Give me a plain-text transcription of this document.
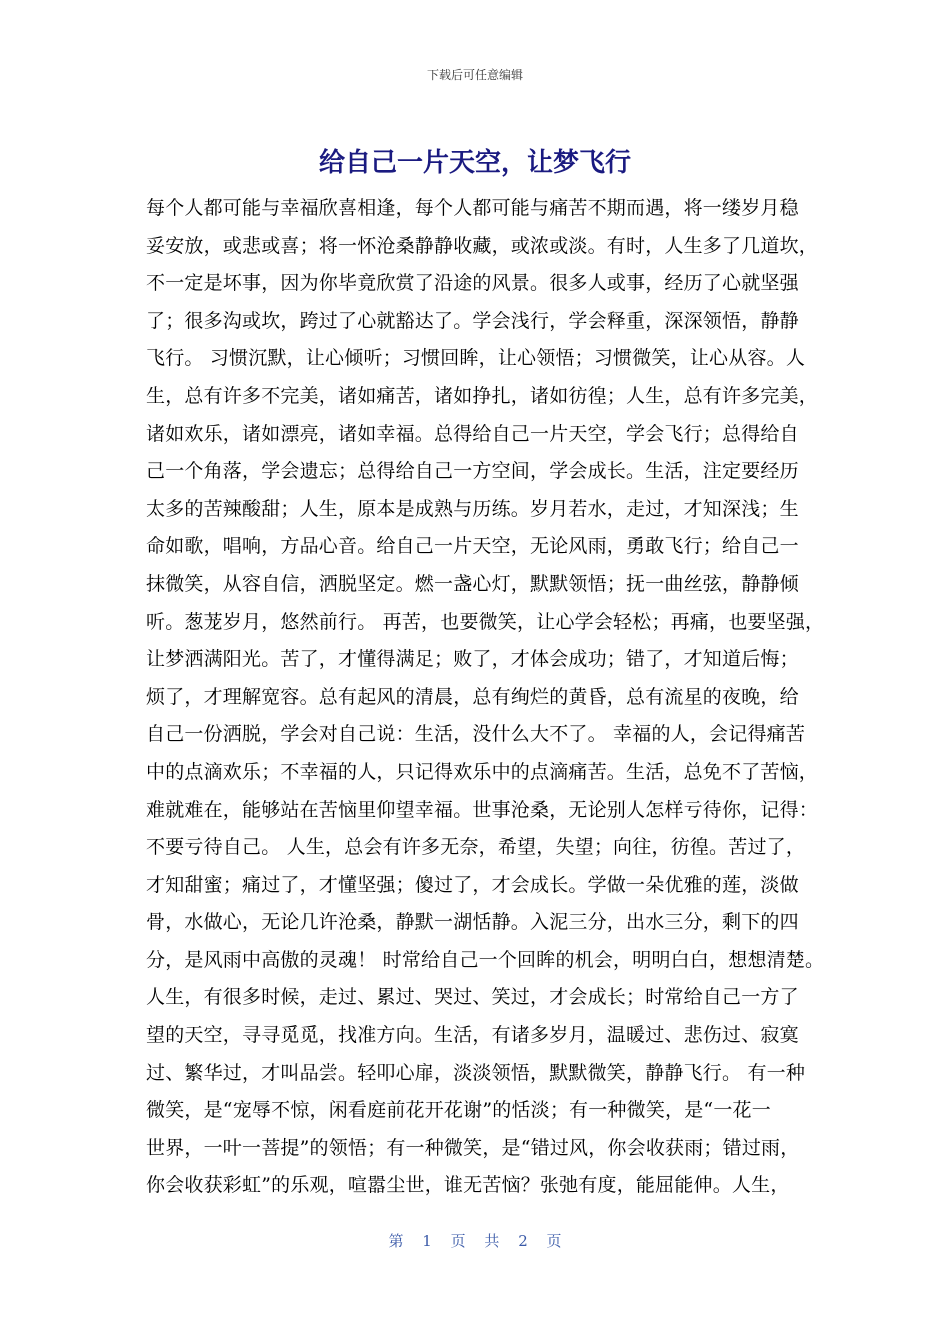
下载后可任意编辑
给自己一片天空，让梦飞行
每个人都可能与幸福欣喜相逢，每个人都可能与痛苦不期而遇，将一缕岁月稳
妥安放，或悲或喜；将一怀沧桑静静收藏，或浓或淡。有时，人生多了几道坎，
不一定是坏事，因为你毕竟欣赏了沿途的风景。很多人或事，经历了心就坚强
了；很多沟或坎，跨过了心就豁达了。学会浅行，学会释重，深深领悟，静静
飞行。 习惯沉默，让心倾听；习惯回眸，让心领悟；习惯微笑，让心从容。人
生，总有许多不完美，诸如痛苦，诸如挣扎，诸如彷徨；人生，总有许多完美，
诸如欢乐，诸如漂亮，诸如幸福。总得给自己一片天空，学会飞行；总得给自
己一个角落，学会遗忘；总得给自己一方空间，学会成长。生活，注定要经历
太多的苦辣酸甜；人生，原本是成熟与历练。岁月若水，走过，才知深浅；生
命如歌，唱响，方品心音。给自己一片天空，无论风雨，勇敢飞行；给自己一
抹微笑，从容自信，洒脱坚定。燃一盏心灯，默默领悟；抚一曲丝弦，静静倾
听。葱茏岁月，悠然前行。 再苦，也要微笑，让心学会轻松；再痛，也要坚强，
让梦洒满阳光。苦了，才懂得满足；败了，才体会成功；错了，才知道后悔；
烦了，才理解宽容。总有起风的清晨，总有绚烂的黄昏，总有流星的夜晚，给
自己一份洒脱，学会对自己说：生活，没什么大不了。 幸福的人，会记得痛苦
中的点滴欢乐；不幸福的人，只记得欢乐中的点滴痛苦。生活，总免不了苦恼，
难就难在，能够站在苦恼里仰望幸福。世事沧桑，无论别人怎样亏待你，记得：
不要亏待自己。 人生，总会有许多无奈，希望，失望；向往，彷徨。苦过了，
才知甜蜜；痛过了，才懂坚强；傻过了，才会成长。学做一朵优雅的莲，淡做
骨，水做心，无论几许沧桑，静默一湖恬静。入泥三分，出水三分，剩下的四
分，是风雨中高傲的灵魂！ 时常给自己一个回眸的机会，明明白白，想想清楚。
人生，有很多时候，走过、累过、哭过、笑过，才会成长；时常给自己一方了
望的天空，寻寻觅觅，找准方向。生活，有诸多岁月，温暖过、悲伤过、寂寞
过、繁华过，才叫品尝。轻叩心扉，淡淡领悟，默默微笑，静静飞行。 有一种
微笑，是“宠辱不惊，闲看庭前花开花谢”的恬淡；有一种微笑，是“一花一
世界，一叶一菩提”的领悟；有一种微笑，是“错过风，你会收获雨；错过雨，
你会收获彩虹”的乐观，喧嚣尘世，谁无苦恼？张弛有度，能屈能伸。人生，
第 1 页 共 2 页
